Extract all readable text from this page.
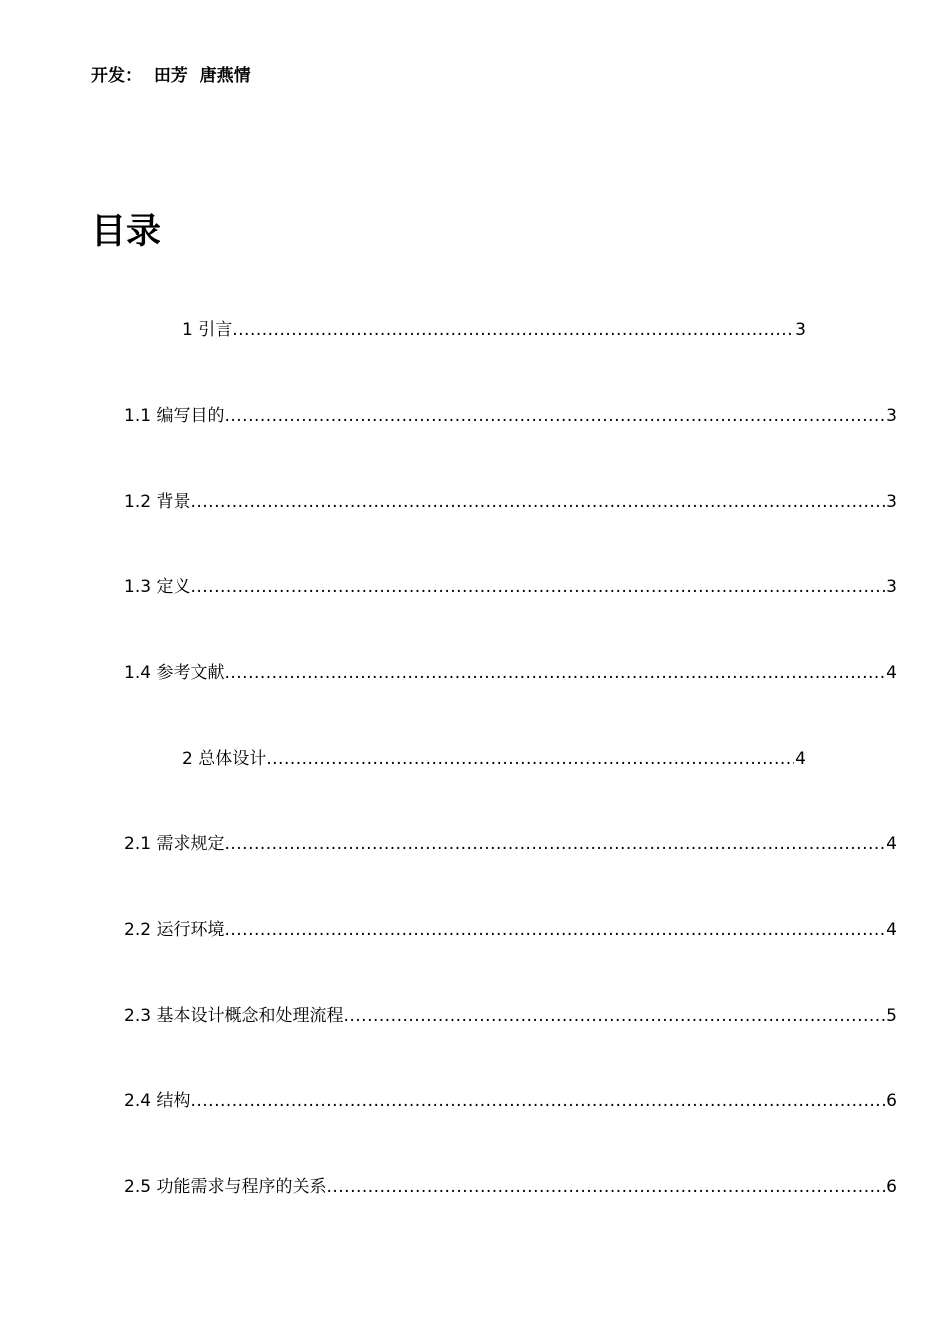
开发：  田芳  唐燕情
目录
1 引言 .....	3
1.1 编写目的 .....	3
1.2 背景 .....	3
1.3 定义 .....	3
1.4 参考文献 .....	4
2 总体设计 .....	4
2.1 需求规定 .....	4
2.2 运行环境 .....	4
2.3 基本设计概念和处理流程 .....	5
2.4 结构 .....	6
2.5 功能需求与程序的关系 .....	6
